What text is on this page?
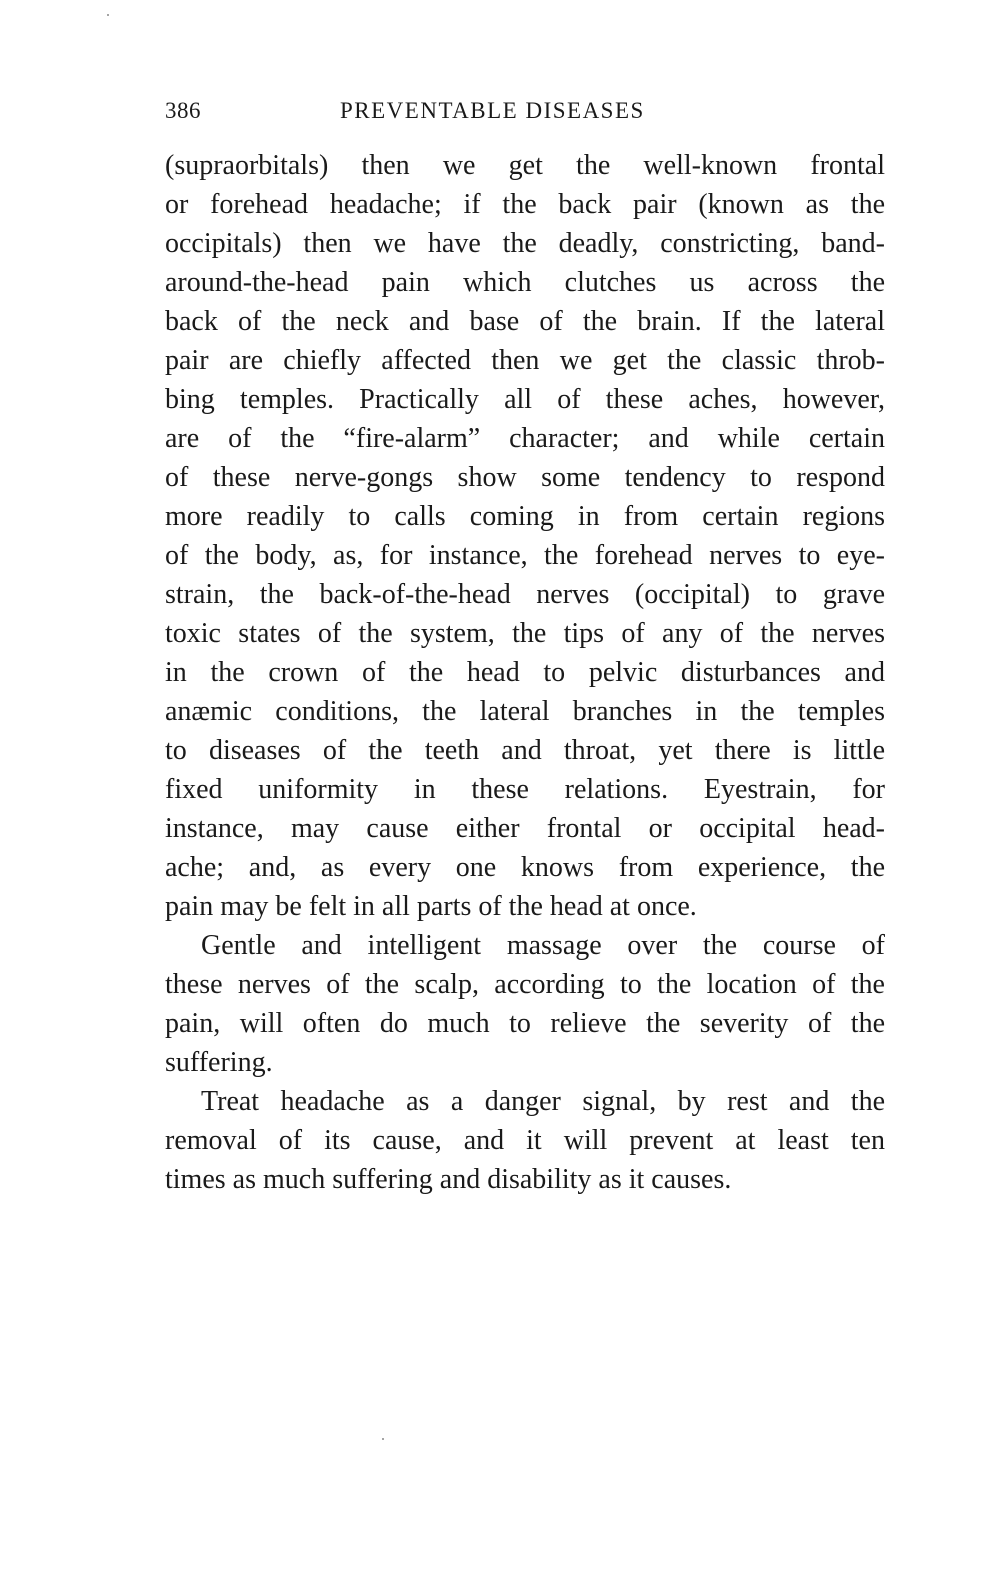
386	PREVENTABLE DISEASES
(supraorbitals) then we get the well-known frontal
or forehead headache; if the back pair (known as the
occipitals) then we have the deadly, constricting, band-
around-the-head pain which clutches us across the
back of the neck and base of the brain. If the lateral
pair are chiefly affected then we get the classic throb-
bing temples. Practically all of these aches, however,
are of the “fire-alarm” character; and while certain
of these nerve-gongs show some tendency to respond
more readily to calls coming in from certain regions
of the body, as, for instance, the forehead nerves to eye-
strain, the back-of-the-head nerves (occipital) to grave
toxic states of the system, the tips of any of the nerves
in the crown of the head to pelvic disturbances and
anæmic conditions, the lateral branches in the temples
to diseases of the teeth and throat, yet there is little
fixed uniformity in these relations. Eyestrain, for
instance, may cause either frontal or occipital head-
ache; and, as every one knows from experience, the
pain may be felt in all parts of the head at once.
Gentle and intelligent massage over the course of
these nerves of the scalp, according to the location of the
pain, will often do much to relieve the severity of the
suffering.
Treat headache as a danger signal, by rest and the
removal of its cause, and it will prevent at least ten
times as much suffering and disability as it causes.
